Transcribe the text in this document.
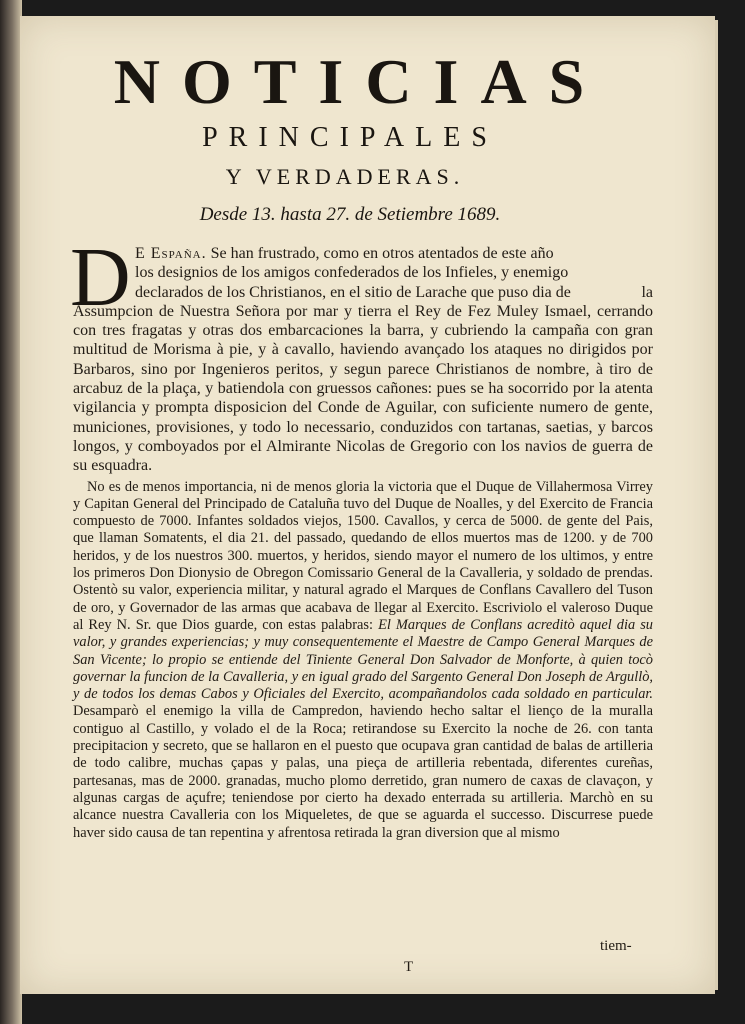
NOTICIAS
PRINCIPALES
Y VERDADERAS.
Desde 13. hasta 27. de Setiembre 1689.
D E España. Se han frustrado, como en otros atentados de este año
los designios de los amigos confederados de los Infieles, y enemigo
declarados de los Christianos, en el sitio de Larache que puso dia de	la Assumpcion de Nuestra Señora por mar y tierra el Rey de Fez Muley Ismael, cerrando con tres fragatas y otras dos embarcaciones la barra, y cubriendo la campaña con gran multitud de Morisma à pie, y à cavallo, haviendo avançado los ataques no dirigidos por Barbaros, sino por Ingenieros peritos, y segun parece Christianos de nombre, à tiro de arcabuz de la plaça, y batiendola con gruessos cañones: pues se ha socorrido por la atenta vigilancia y prompta disposicion del Conde de Aguilar, con suficiente numero de gente, municiones, provisiones, y todo lo necessario, conduzidos con tartanas, saetias, y barcos longos, y comboyados por el Almirante Nicolas de Gregorio con los navios de guerra de su esquadra.

No es de menos importancia, ni de menos gloria la victoria que el Duque de Villahermosa Virrey y Capitan General del Principado de Cataluña tuvo del Duque de Noalles, y del Exercito de Francia compuesto de 7000. Infantes soldados viejos, 1500. Cavallos, y cerca de 5000. de gente del Pais, que llaman Somatents, el dia 21. del passado, quedando de ellos muertos mas de 1200. y de 700 heridos, y de los nuestros 300. muertos, y heridos, siendo mayor el numero de los ultimos, y entre los primeros Don Dionysio de Obregon Comissario General de la Cavalleria, y soldado de prendas. Ostentò su valor, experiencia militar, y natural agrado el Marques de Conflans Cavallero del Tuson de oro, y Governador de las armas que acabava de llegar al Exercito. Escriviolo el valeroso Duque al Rey N. Sr. que Dios guarde, con estas palabras: El Marques de Conflans acreditò aquel dia su valor, y grandes experiencias; y muy consequentemente el Maestre de Campo General Marques de San Vicente; lo propio se entiende del Tiniente General Don Salvador de Monforte, à quien tocò governar la funcion de la Cavalleria, y en igual grado del Sargento General Don Joseph de Argullò, y de todos los demas Cabos y Oficiales del Exercito, acompañandolos cada soldado en particular. Desamparò el enemigo la villa de Campredon, haviendo hecho saltar el lienço de la muralla contiguo al Castillo, y volado el de la Roca; retirandose su Exercito la noche de 26. con tanta precipitacion y secreto, que se hallaron en el puesto que ocupava gran cantidad de balas de artilleria de todo calibre, muchas çapas y palas, una pieça de artilleria rebentada, diferentes cureñas, partesanas, mas de 2000. granadas, mucho plomo derretido, gran numero de caxas de clavaçon, y algunas cargas de açufre; teniendose por cierto ha dexado enterrada su artilleria. Marchò en su alcance nuestra Cavalleria con los Miqueletes, de que se aguarda el successo. Discurrese puede haver sido causa de tan repentina y afrentosa retirada la gran diversion que al mismo

tiem-
T
